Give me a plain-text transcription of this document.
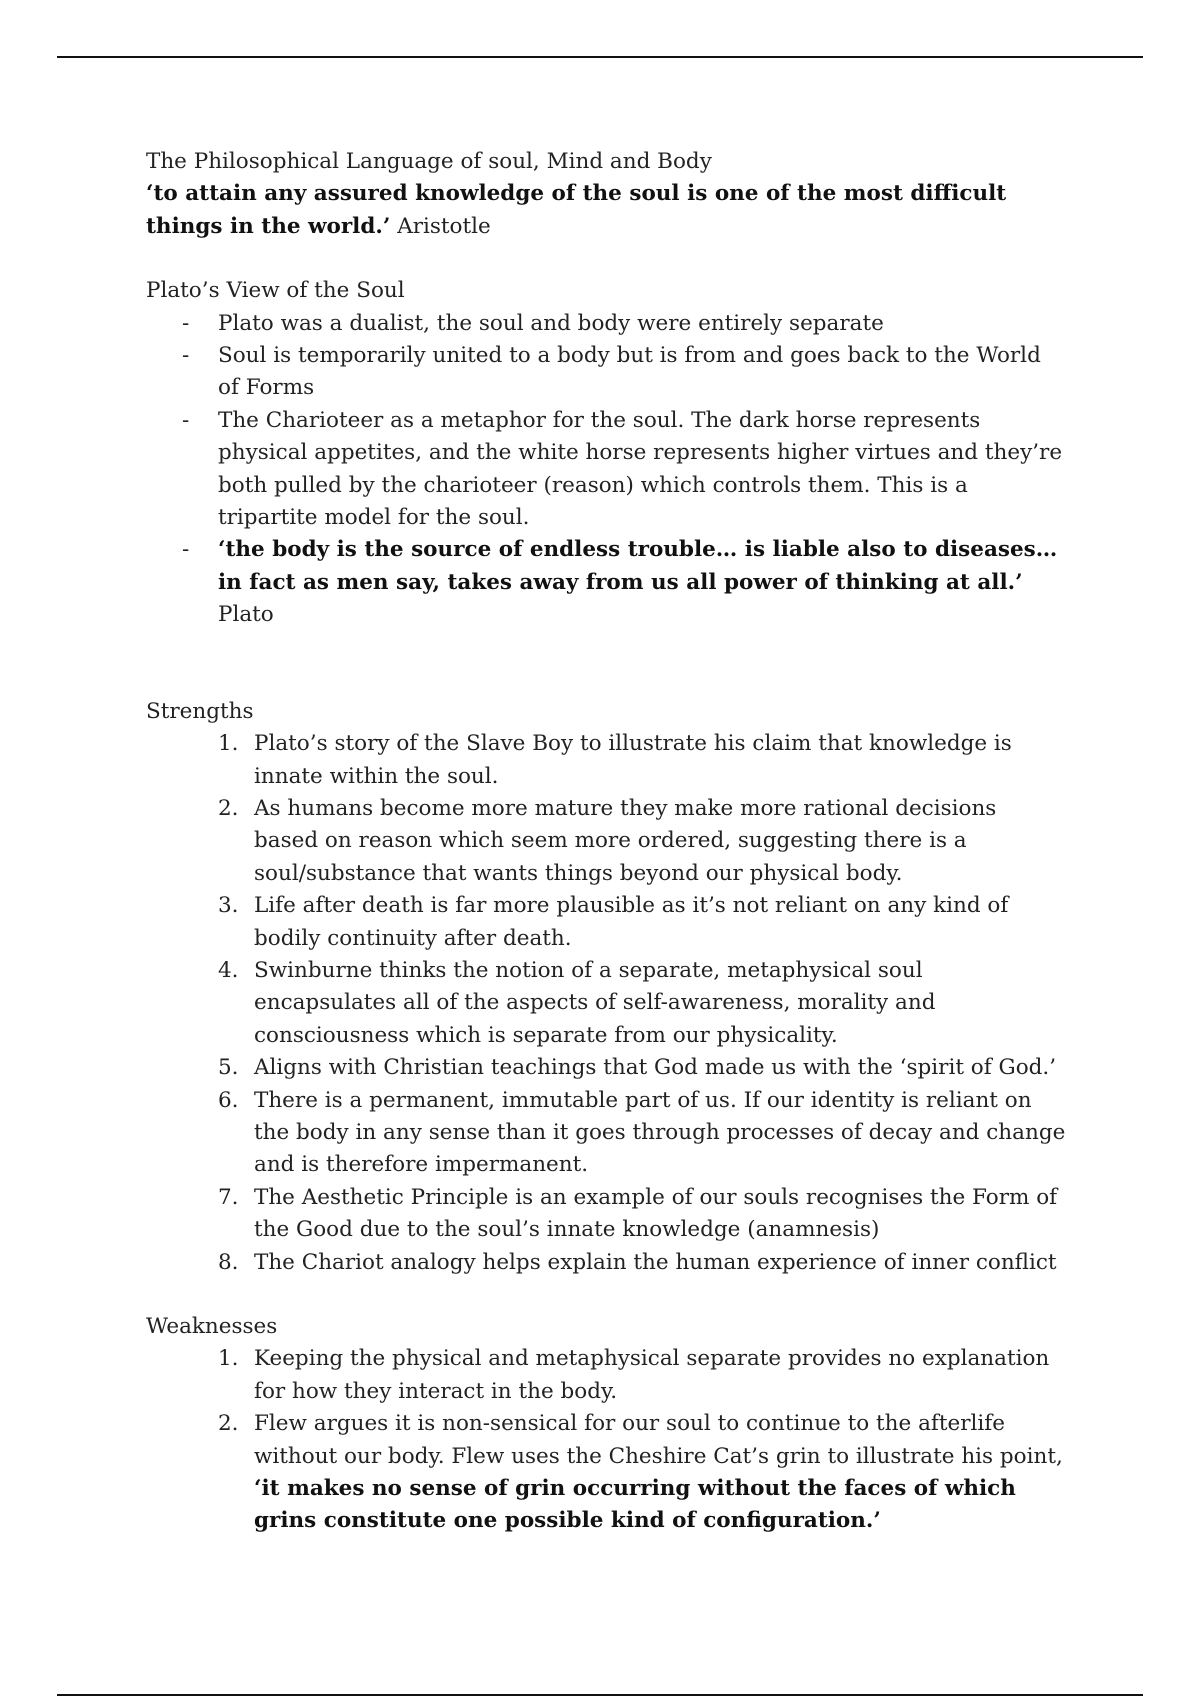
The Philosophical Language of soul, Mind and Body

‘to attain any assured knowledge of the soul is one of the most difficult things in the world.’ Aristotle

Plato’s View of the Soul

- Plato was a dualist, the soul and body were entirely separate
- Soul is temporarily united to a body but is from and goes back to the World of Forms
- The Charioteer as a metaphor for the soul. The dark horse represents physical appetites, and the white horse represents higher virtues and they’re both pulled by the charioteer (reason) which controls them. This is a tripartite model for the soul.
- ‘the body is the source of endless trouble… is liable also to diseases… in fact as men say, takes away from us all power of thinking at all.’ Plato

Strengths

1. Plato’s story of the Slave Boy to illustrate his claim that knowledge is innate within the soul.
2. As humans become more mature they make more rational decisions based on reason which seem more ordered, suggesting there is a soul/substance that wants things beyond our physical body.
3. Life after death is far more plausible as it’s not reliant on any kind of bodily continuity after death.
4. Swinburne thinks the notion of a separate, metaphysical soul encapsulates all of the aspects of self-awareness, morality and consciousness which is separate from our physicality.
5. Aligns with Christian teachings that God made us with the ‘spirit of God.’
6. There is a permanent, immutable part of us. If our identity is reliant on the body in any sense than it goes through processes of decay and change and is therefore impermanent.
7. The Aesthetic Principle is an example of our souls recognises the Form of the Good due to the soul’s innate knowledge (anamnesis)
8. The Chariot analogy helps explain the human experience of inner conflict

Weaknesses

1. Keeping the physical and metaphysical separate provides no explanation for how they interact in the body.
2. Flew argues it is non-sensical for our soul to continue to the afterlife without our body. Flew uses the Cheshire Cat’s grin to illustrate his point, ‘it makes no sense of grin occurring without the faces of which grins constitute one possible kind of configuration.’
